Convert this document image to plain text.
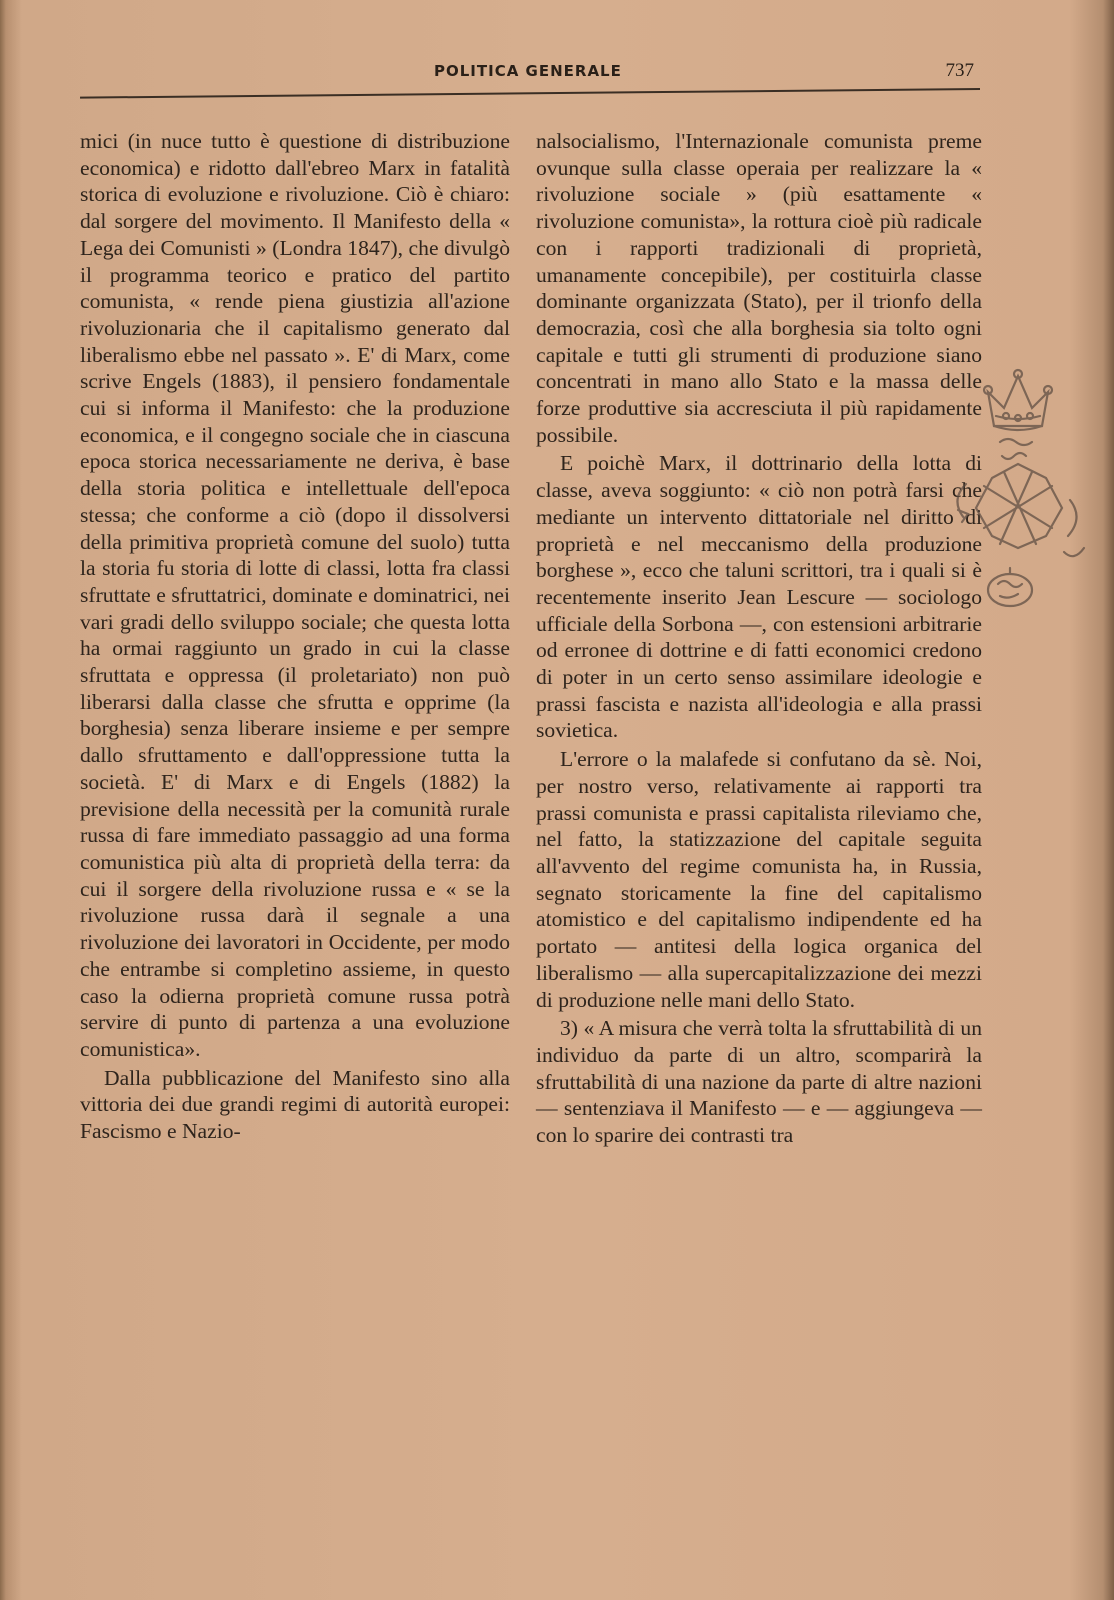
POLITICA GENERALE	737

mici (in nuce tutto è questione di distribuzione economica) e ridotto dall'ebreo Marx in fatalità storica di evoluzione e rivoluzione. Ciò è chiaro: dal sorgere del movimento. Il Manifesto della « Lega dei Comunisti » (Londra 1847), che divulgò il programma teorico e pratico del partito comunista, « rende piena giustizia all'azione rivoluzionaria che il capitalismo generato dal liberalismo ebbe nel passato ». E' di Marx, come scrive Engels (1883), il pensiero fondamentale cui si informa il Manifesto: che la produzione economica, e il congegno sociale che in ciascuna epoca storica necessariamente ne deriva, è base della storia politica e intellettuale dell'epoca stessa; che conforme a ciò (dopo il dissolversi della primitiva proprietà comune del suolo) tutta la storia fu storia di lotte di classi, lotta fra classi sfruttate e sfruttatrici, dominate e dominatrici, nei vari gradi dello sviluppo sociale; che questa lotta ha ormai raggiunto un grado in cui la classe sfruttata e oppressa (il proletariato) non può liberarsi dalla classe che sfrutta e opprime (la borghesia) senza liberare insieme e per sempre dallo sfruttamento e dall'oppressione tutta la società. E' di Marx e di Engels (1882) la previsione della necessità per la comunità rurale russa di fare immediato passaggio ad una forma comunistica più alta di proprietà della terra: da cui il sorgere della rivoluzione russa e « se la rivoluzione russa darà il segnale a una rivoluzione dei lavoratori in Occidente, per modo che entrambe si completino assieme, in questo caso la odierna proprietà comune russa potrà servire di punto di partenza a una evoluzione comunistica».

Dalla pubblicazione del Manifesto sino alla vittoria dei due grandi regimi di autorità europei: Fascismo e Nazio-

nalsocialismo, l'Internazionale comunista preme ovunque sulla classe operaia per realizzare la « rivoluzione sociale » (più esattamente « rivoluzione comunista», la rottura cioè più radicale con i rapporti tradizionali di proprietà, umanamente concepibile), per costituirla classe dominante organizzata (Stato), per il trionfo della democrazia, così che alla borghesia sia tolto ogni capitale e tutti gli strumenti di produzione siano concentrati in mano allo Stato e la massa delle forze produttive sia accresciuta il più rapidamente possibile.

E poichè Marx, il dottrinario della lotta di classe, aveva soggiunto: « ciò non potrà farsi che mediante un intervento dittatoriale nel diritto di proprietà e nel meccanismo della produzione borghese », ecco che taluni scrittori, tra i quali si è recentemente inserito Jean Lescure — sociologo ufficiale della Sorbona —, con estensioni arbitrarie od erronee di dottrine e di fatti economici credono di poter in un certo senso assimilare ideologie e prassi fascista e nazista all'ideologia e alla prassi sovietica.

L'errore o la malafede si confutano da sè. Noi, per nostro verso, relativamente ai rapporti tra prassi comunista e prassi capitalista rileviamo che, nel fatto, la statizzazione del capitale seguita all'avvento del regime comunista ha, in Russia, segnato storicamente la fine del capitalismo atomistico e del capitalismo indipendente ed ha portato — antitesi della logica organica del liberalismo — alla supercapitalizzazione dei mezzi di produzione nelle mani dello Stato.

3) « A misura che verrà tolta la sfruttabilità di un individuo da parte di un altro, scomparirà la sfruttabilità di una nazione da parte di altre nazioni — sentenziava il Manifesto — e — aggiungeva — con lo sparire dei contrasti tra
